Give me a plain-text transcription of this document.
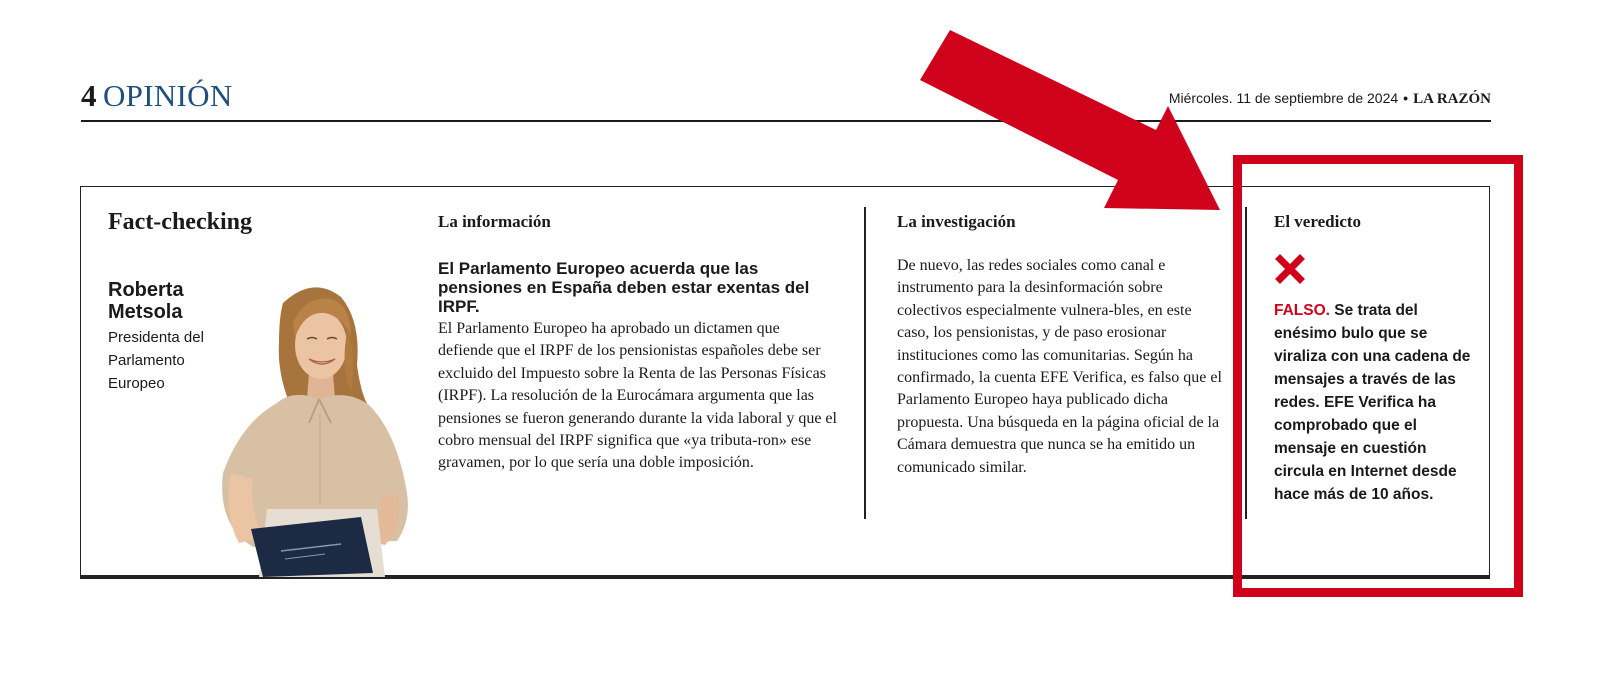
4 OPINIÓN	Miércoles. 11 de septiembre de 2024 • LA RAZÓN
Fact-checking
Roberta Metsola
Presidenta del Parlamento Europeo
La información
El Parlamento Europeo acuerda que las pensiones en España deben estar exentas del IRPF.
El Parlamento Europeo ha aprobado un dictamen que defiende que el IRPF de los pensionistas españoles debe ser excluido del Impuesto sobre la Renta de las Personas Físicas (IRPF). La resolución de la Eurocámara argumenta que las pensiones se fueron generando durante la vida laboral y que el cobro mensual del IRPF significa que «ya tributa-ron» ese gravamen, por lo que sería una doble imposición.
La investigación
De nuevo, las redes sociales como canal e instrumento para la desinformación sobre colectivos especialmente vulnera-bles, en este caso, los pensionistas, y de paso erosionar instituciones como las comunitarias. Según ha confirmado, la cuenta EFE Verifica, es falso que el Parlamento Europeo haya publicado dicha propuesta. Una búsqueda en la página oficial de la Cámara demuestra que nunca se ha emitido un comunicado similar.
El veredicto
FALSO. Se trata del enésimo bulo que se viraliza con una cadena de mensajes a través de las redes. EFE Verifica ha comprobado que el mensaje en cuestión circula en Internet desde hace más de 10 años.
